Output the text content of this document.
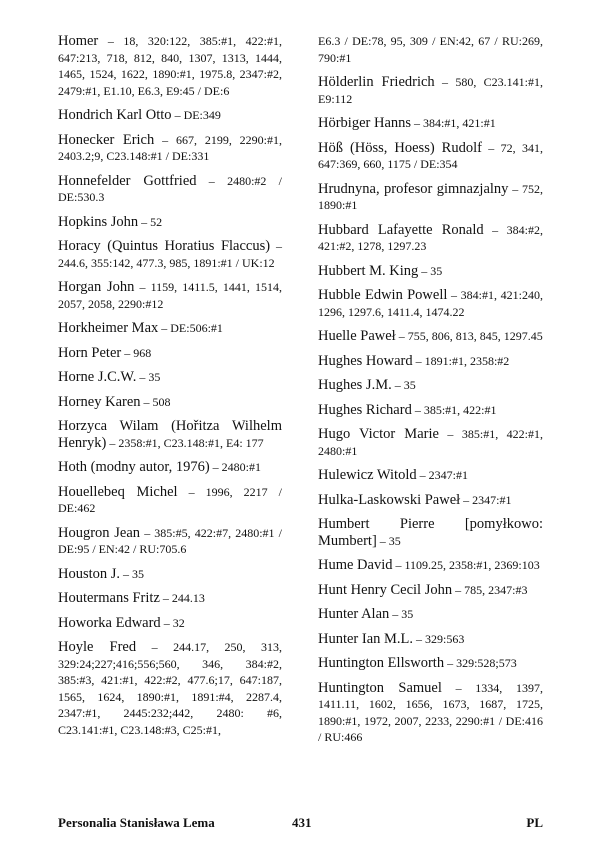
Homer – 18, 320:122, 385:#1, 422:#1, 647:213, 718, 812, 840, 1307, 1313, 1444, 1465, 1524, 1622, 1890:#1, 1975.8, 2347:#2, 2479:#1, E1.10, E6.3, E9:45 / DE:6
Hondrich Karl Otto – DE:349
Honecker Erich – 667, 2199, 2290:#1, 2403.2;9, C23.148:#1 / DE:331
Honnefelder Gottfried – 2480:#2 / DE:530.3
Hopkins John – 52
Horacy (Quintus Horatius Flaccus) – 244.6, 355:142, 477.3, 985, 1891:#1 / UK:12
Horgan John – 1159, 1411.5, 1441, 1514, 2057, 2058, 2290:#12
Horkheimer Max – DE:506:#1
Horn Peter – 968
Horne J.C.W. – 35
Horney Karen – 508
Horzyca Wilam (Hořitza Wilhelm Henryk) – 2358:#1, C23.148:#1, E4: 177
Hoth (modny autor, 1976) – 2480:#1
Houellebeq Michel – 1996, 2217 / DE:462
Hougron Jean – 385:#5, 422:#7, 2480:#1 / DE:95 / EN:42 / RU:705.6
Houston J. – 35
Houtermans Fritz – 244.13
Howorka Edward – 32
Hoyle Fred – 244.17, 250, 313, 329:24;227;416;556;560, 346, 384:#2, 385:#3, 421:#1, 422:#2, 477.6;17, 647:187, 1565, 1624, 1890:#1, 1891:#4, 2287.4, 2347:#1, 2445:232;442, 2480: #6, C23.141:#1, C23.148:#3, C25:#1,
E6.3 / DE:78, 95, 309 / EN:42, 67 / RU:269, 790:#1
Hölderlin Friedrich – 580, C23.141:#1, E9:112
Hörbiger Hanns – 384:#1, 421:#1
Höß (Höss, Hoess) Rudolf – 72, 341, 647:369, 660, 1175 / DE:354
Hrudnyna, profesor gimnazjalny – 752, 1890:#1
Hubbard Lafayette Ronald – 384:#2, 421:#2, 1278, 1297.23
Hubbert M. King – 35
Hubble Edwin Powell – 384:#1, 421:240, 1296, 1297.6, 1411.4, 1474.22
Huelle Paweł – 755, 806, 813, 845, 1297.45
Hughes Howard – 1891:#1, 2358:#2
Hughes J.M. – 35
Hughes Richard – 385:#1, 422:#1
Hugo Victor Marie – 385:#1, 422:#1, 2480:#1
Hulewicz Witold – 2347:#1
Hulka-Laskowski Paweł – 2347:#1
Humbert Pierre [pomyłkowo: Mumbert] – 35
Hume David – 1109.25, 2358:#1, 2369:103
Hunt Henry Cecil John – 785, 2347:#3
Hunter Alan – 35
Hunter Ian M.L. – 329:563
Huntington Ellsworth – 329:528;573
Huntington Samuel – 1334, 1397, 1411.11, 1602, 1656, 1673, 1687, 1725, 1890:#1, 1972, 2007, 2233, 2290:#1 / DE:416 / RU:466
Personalia Stanisława Lema	431	PL
